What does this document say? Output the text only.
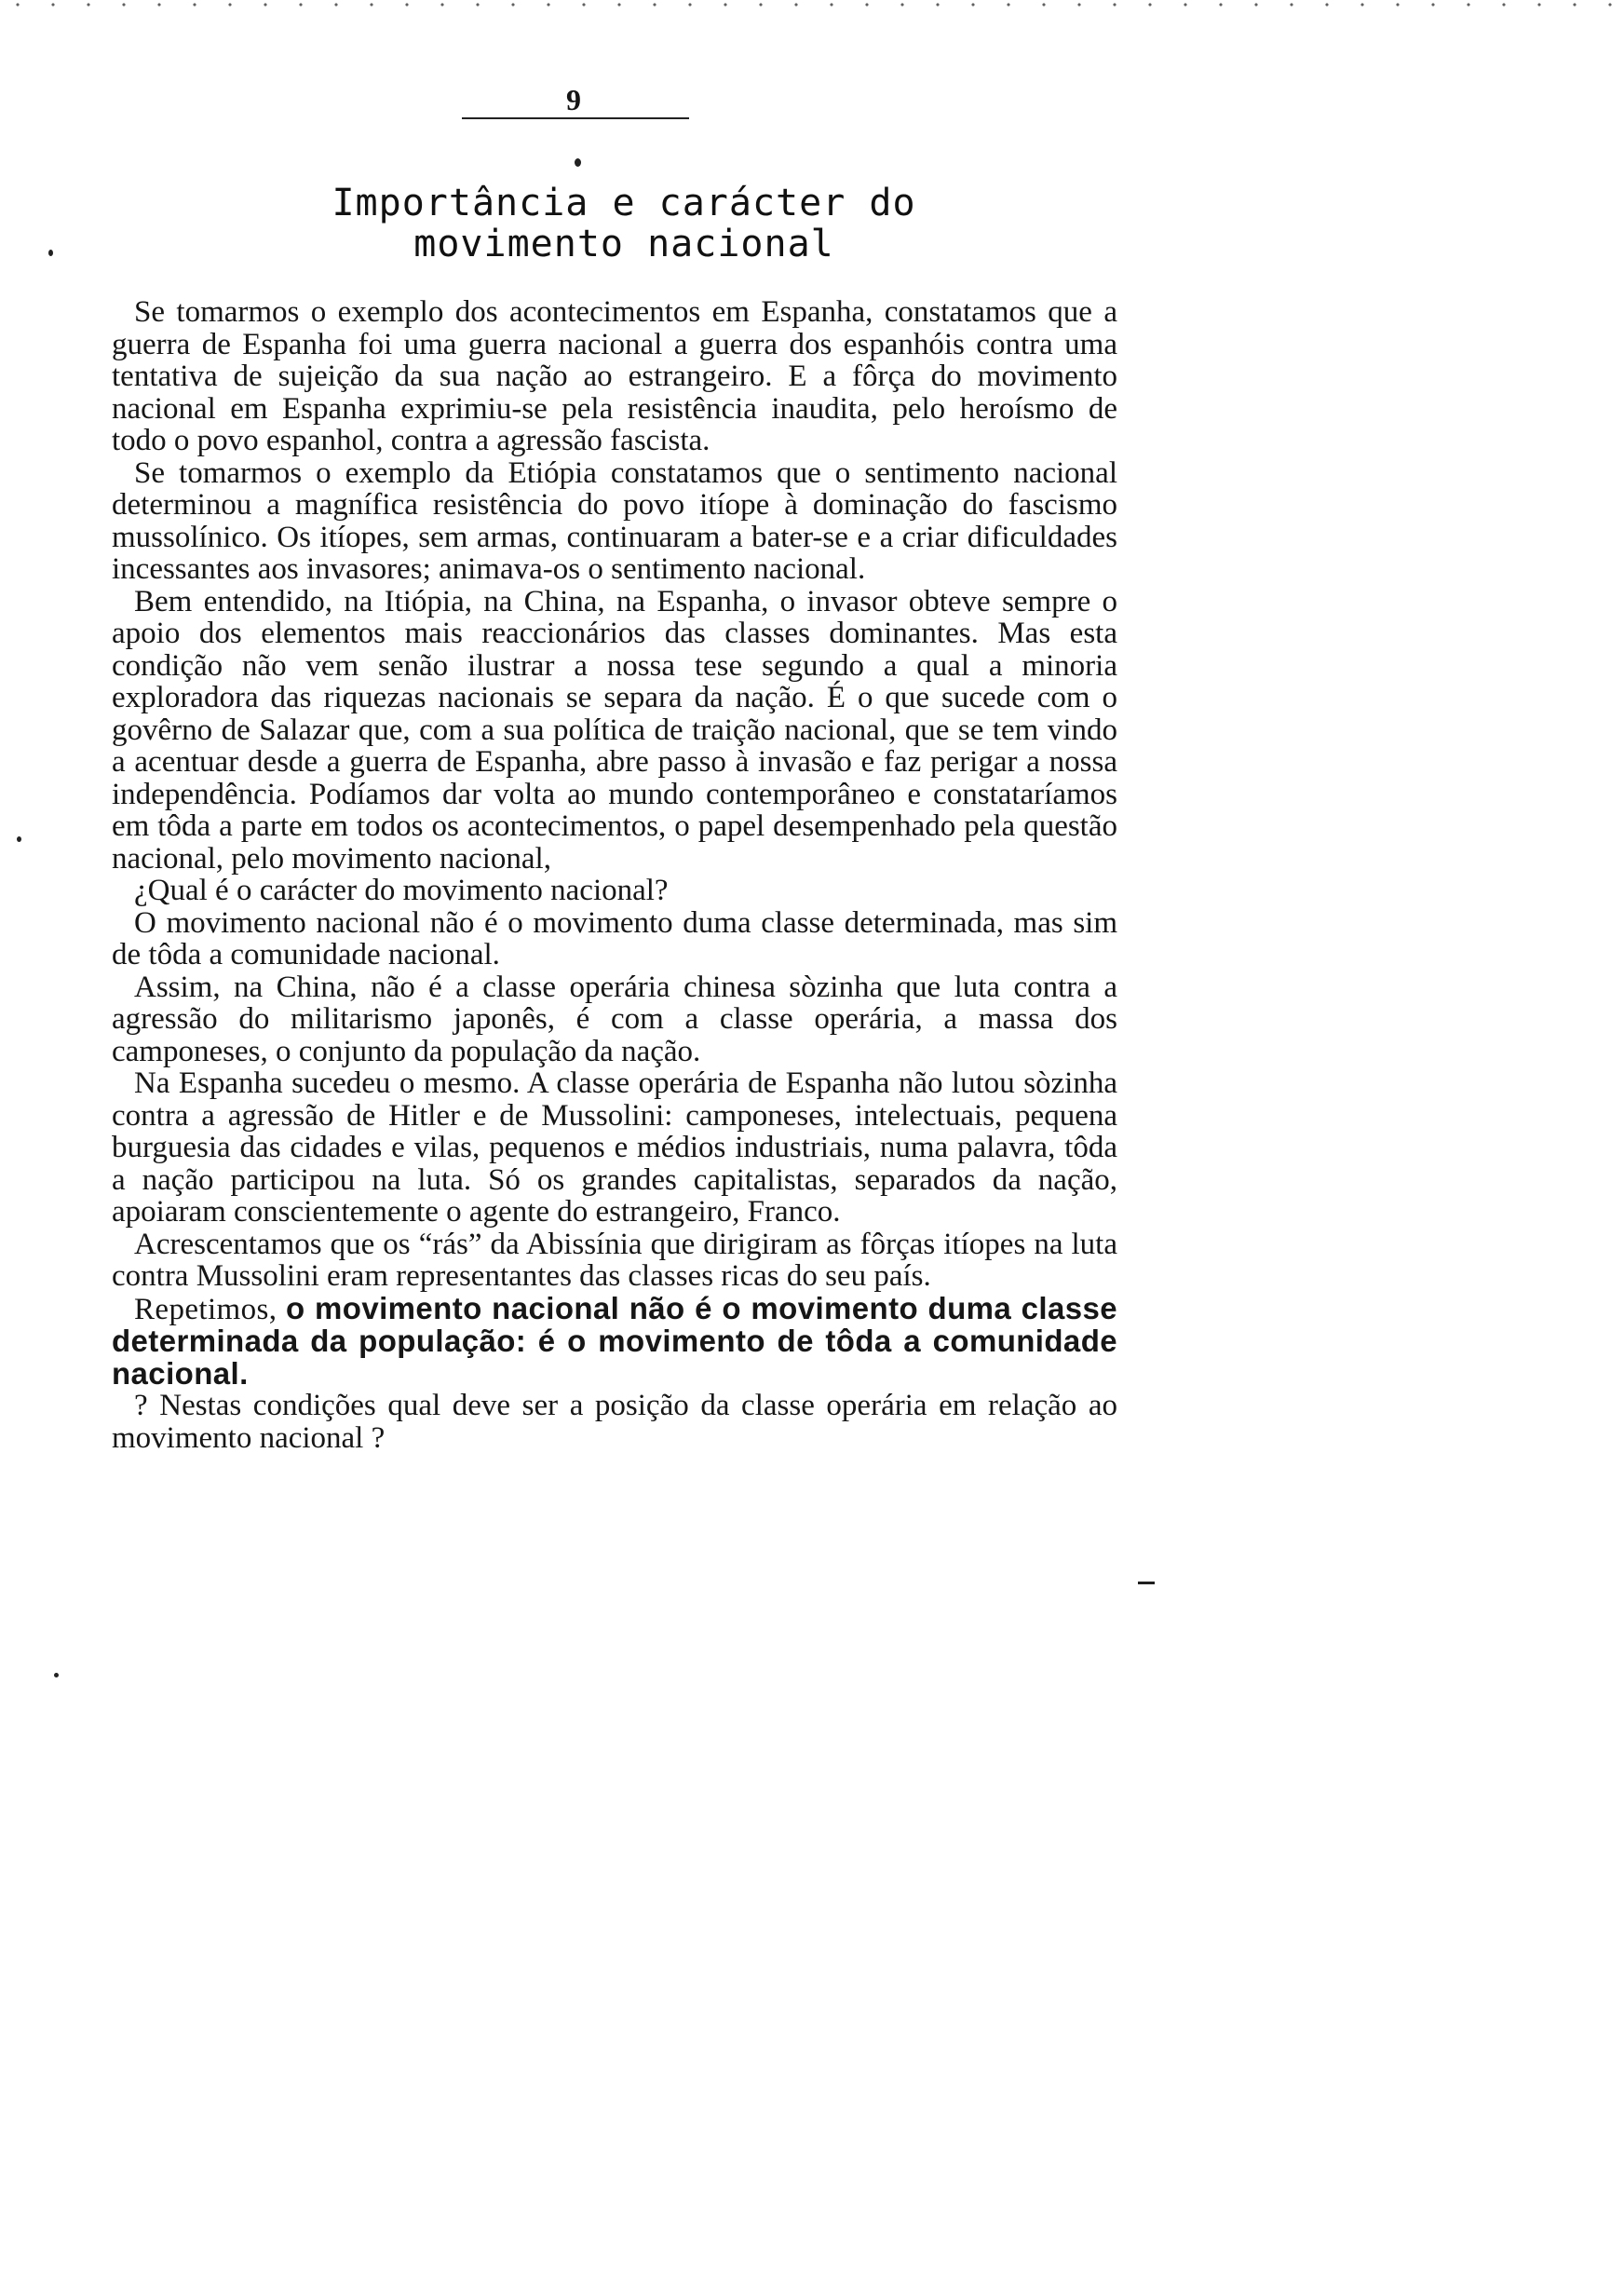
9
Importância e carácter do
movimento nacional

Se tomarmos o exemplo dos acontecimentos em Espanha, constatamos que a guerra de Espanha foi uma guerra nacional a guerra dos espanhóis contra uma tentativa de sujeição da sua nação ao estrangeiro. E a fôrça do movimento nacional em Espanha exprimiu-se pela resistência inaudita, pelo heroísmo de todo o povo espanhol, contra a agressão fascista.

Se tomarmos o exemplo da Etiópia constatamos que o sentimento nacional determinou a magnífica resistência do povo itíope à dominação do fascismo mussolínico. Os itíopes, sem armas, continuaram a bater-se e a criar dificuldades incessantes aos invasores; animava-os o sentimento nacional.

Bem entendido, na Itiópia, na China, na Espanha, o invasor obteve sempre o apoio dos elementos mais reaccionários das classes dominantes. Mas esta condição não vem senão ilustrar a nossa tese segundo a qual a minoria exploradora das riquezas nacionais se separa da nação. É o que sucede com o govêrno de Salazar que, com a sua política de traição nacional, que se tem vindo a acentuar desde a guerra de Espanha, abre passo à invasão e faz perigar a nossa independência. Podíamos dar volta ao mundo contemporâneo e constataríamos em tôda a parte em todos os acontecimentos, o papel desempenhado pela questão nacional, pelo movimento nacional,

¿Qual é o carácter do movimento nacional?

O movimento nacional não é o movimento duma classe determinada, mas sim de tôda a comunidade nacional.

Assim, na China, não é a classe operária chinesa sòzinha que luta contra a agressão do militarismo japonês, é com a classe operária, a massa dos camponeses, o conjunto da população da nação.

Na Espanha sucedeu o mesmo. A classe operária de Espanha não lutou sòzinha contra a agressão de Hitler e de Mussolini: camponeses, intelectuais, pequena burguesia das cidades e vilas, pequenos e médios industriais, numa palavra, tôda a nação participou na luta. Só os grandes capitalistas, separados da nação, apoiaram conscientemente o agente do estrangeiro, Franco.

Acrescentamos que os “rás” da Abissínia que dirigiram as fôrças itíopes na luta contra Mussolini eram representantes das classes ricas do seu país.

Repetimos, o movimento nacional não é o movimento duma classe determinada da população: é o movimento de tôda a comunidade nacional.

? Nestas condições qual deve ser a posição da classe operária em relação ao movimento nacional ?
